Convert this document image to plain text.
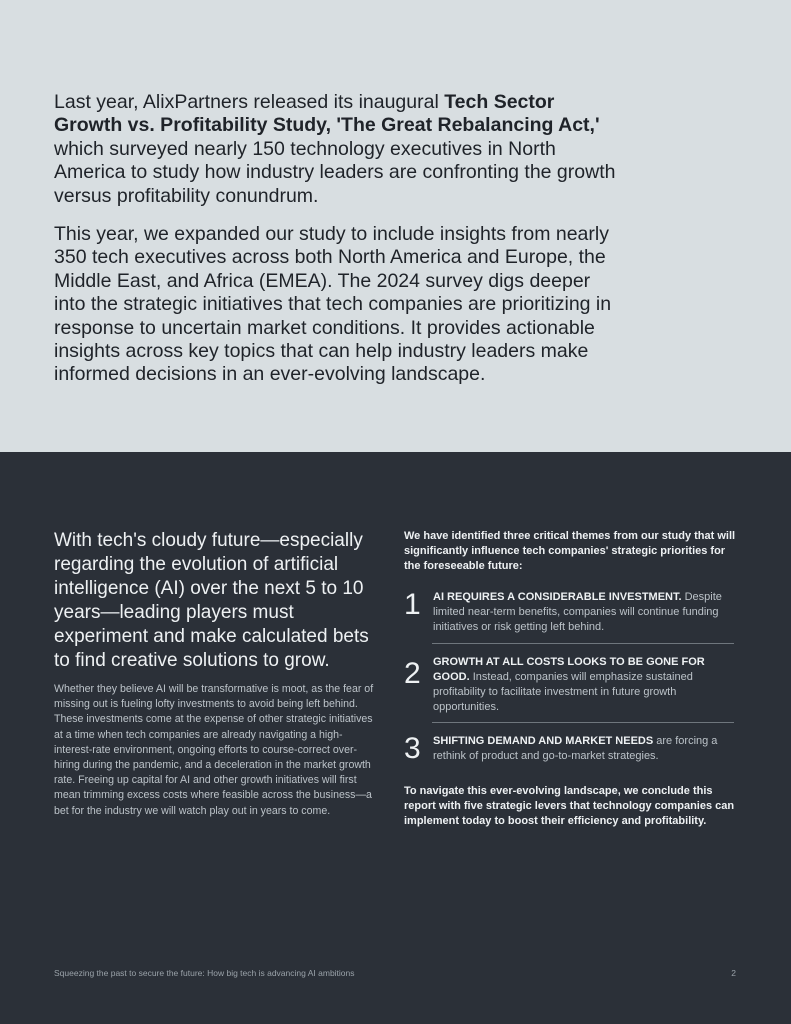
Last year, AlixPartners released its inaugural Tech Sector Growth vs. Profitability Study, 'The Great Rebalancing Act,' which surveyed nearly 150 technology executives in North America to study how industry leaders are confronting the growth versus profitability conundrum.

This year, we expanded our study to include insights from nearly 350 tech executives across both North America and Europe, the Middle East, and Africa (EMEA). The 2024 survey digs deeper into the strategic initiatives that tech companies are prioritizing in response to uncertain market conditions. It provides actionable insights across key topics that can help industry leaders make informed decisions in an ever-evolving landscape.

With tech's cloudy future—especially regarding the evolution of artificial intelligence (AI) over the next 5 to 10 years—leading players must experiment and make calculated bets to find creative solutions to grow.
Whether they believe AI will be transformative is moot, as the fear of missing out is fueling lofty investments to avoid being left behind. These investments come at the expense of other strategic initiatives at a time when tech companies are already navigating a high-interest-rate environment, ongoing efforts to course-correct over-hiring during the pandemic, and a deceleration in the market growth rate. Freeing up capital for AI and other growth initiatives will first mean trimming excess costs where feasible across the business—a bet for the industry we will watch play out in years to come.
We have identified three critical themes from our study that will significantly influence tech companies' strategic priorities for the foreseeable future:
1 AI REQUIRES A CONSIDERABLE INVESTMENT. Despite limited near-term benefits, companies will continue funding initiatives or risk getting left behind.
2 GROWTH AT ALL COSTS LOOKS TO BE GONE FOR GOOD. Instead, companies will emphasize sustained profitability to facilitate investment in future growth opportunities.
3 SHIFTING DEMAND AND MARKET NEEDS are forcing a rethink of product and go-to-market strategies.
To navigate this ever-evolving landscape, we conclude this report with five strategic levers that technology companies can implement today to boost their efficiency and profitability.
Squeezing the past to secure the future: How big tech is advancing AI ambitions	2
